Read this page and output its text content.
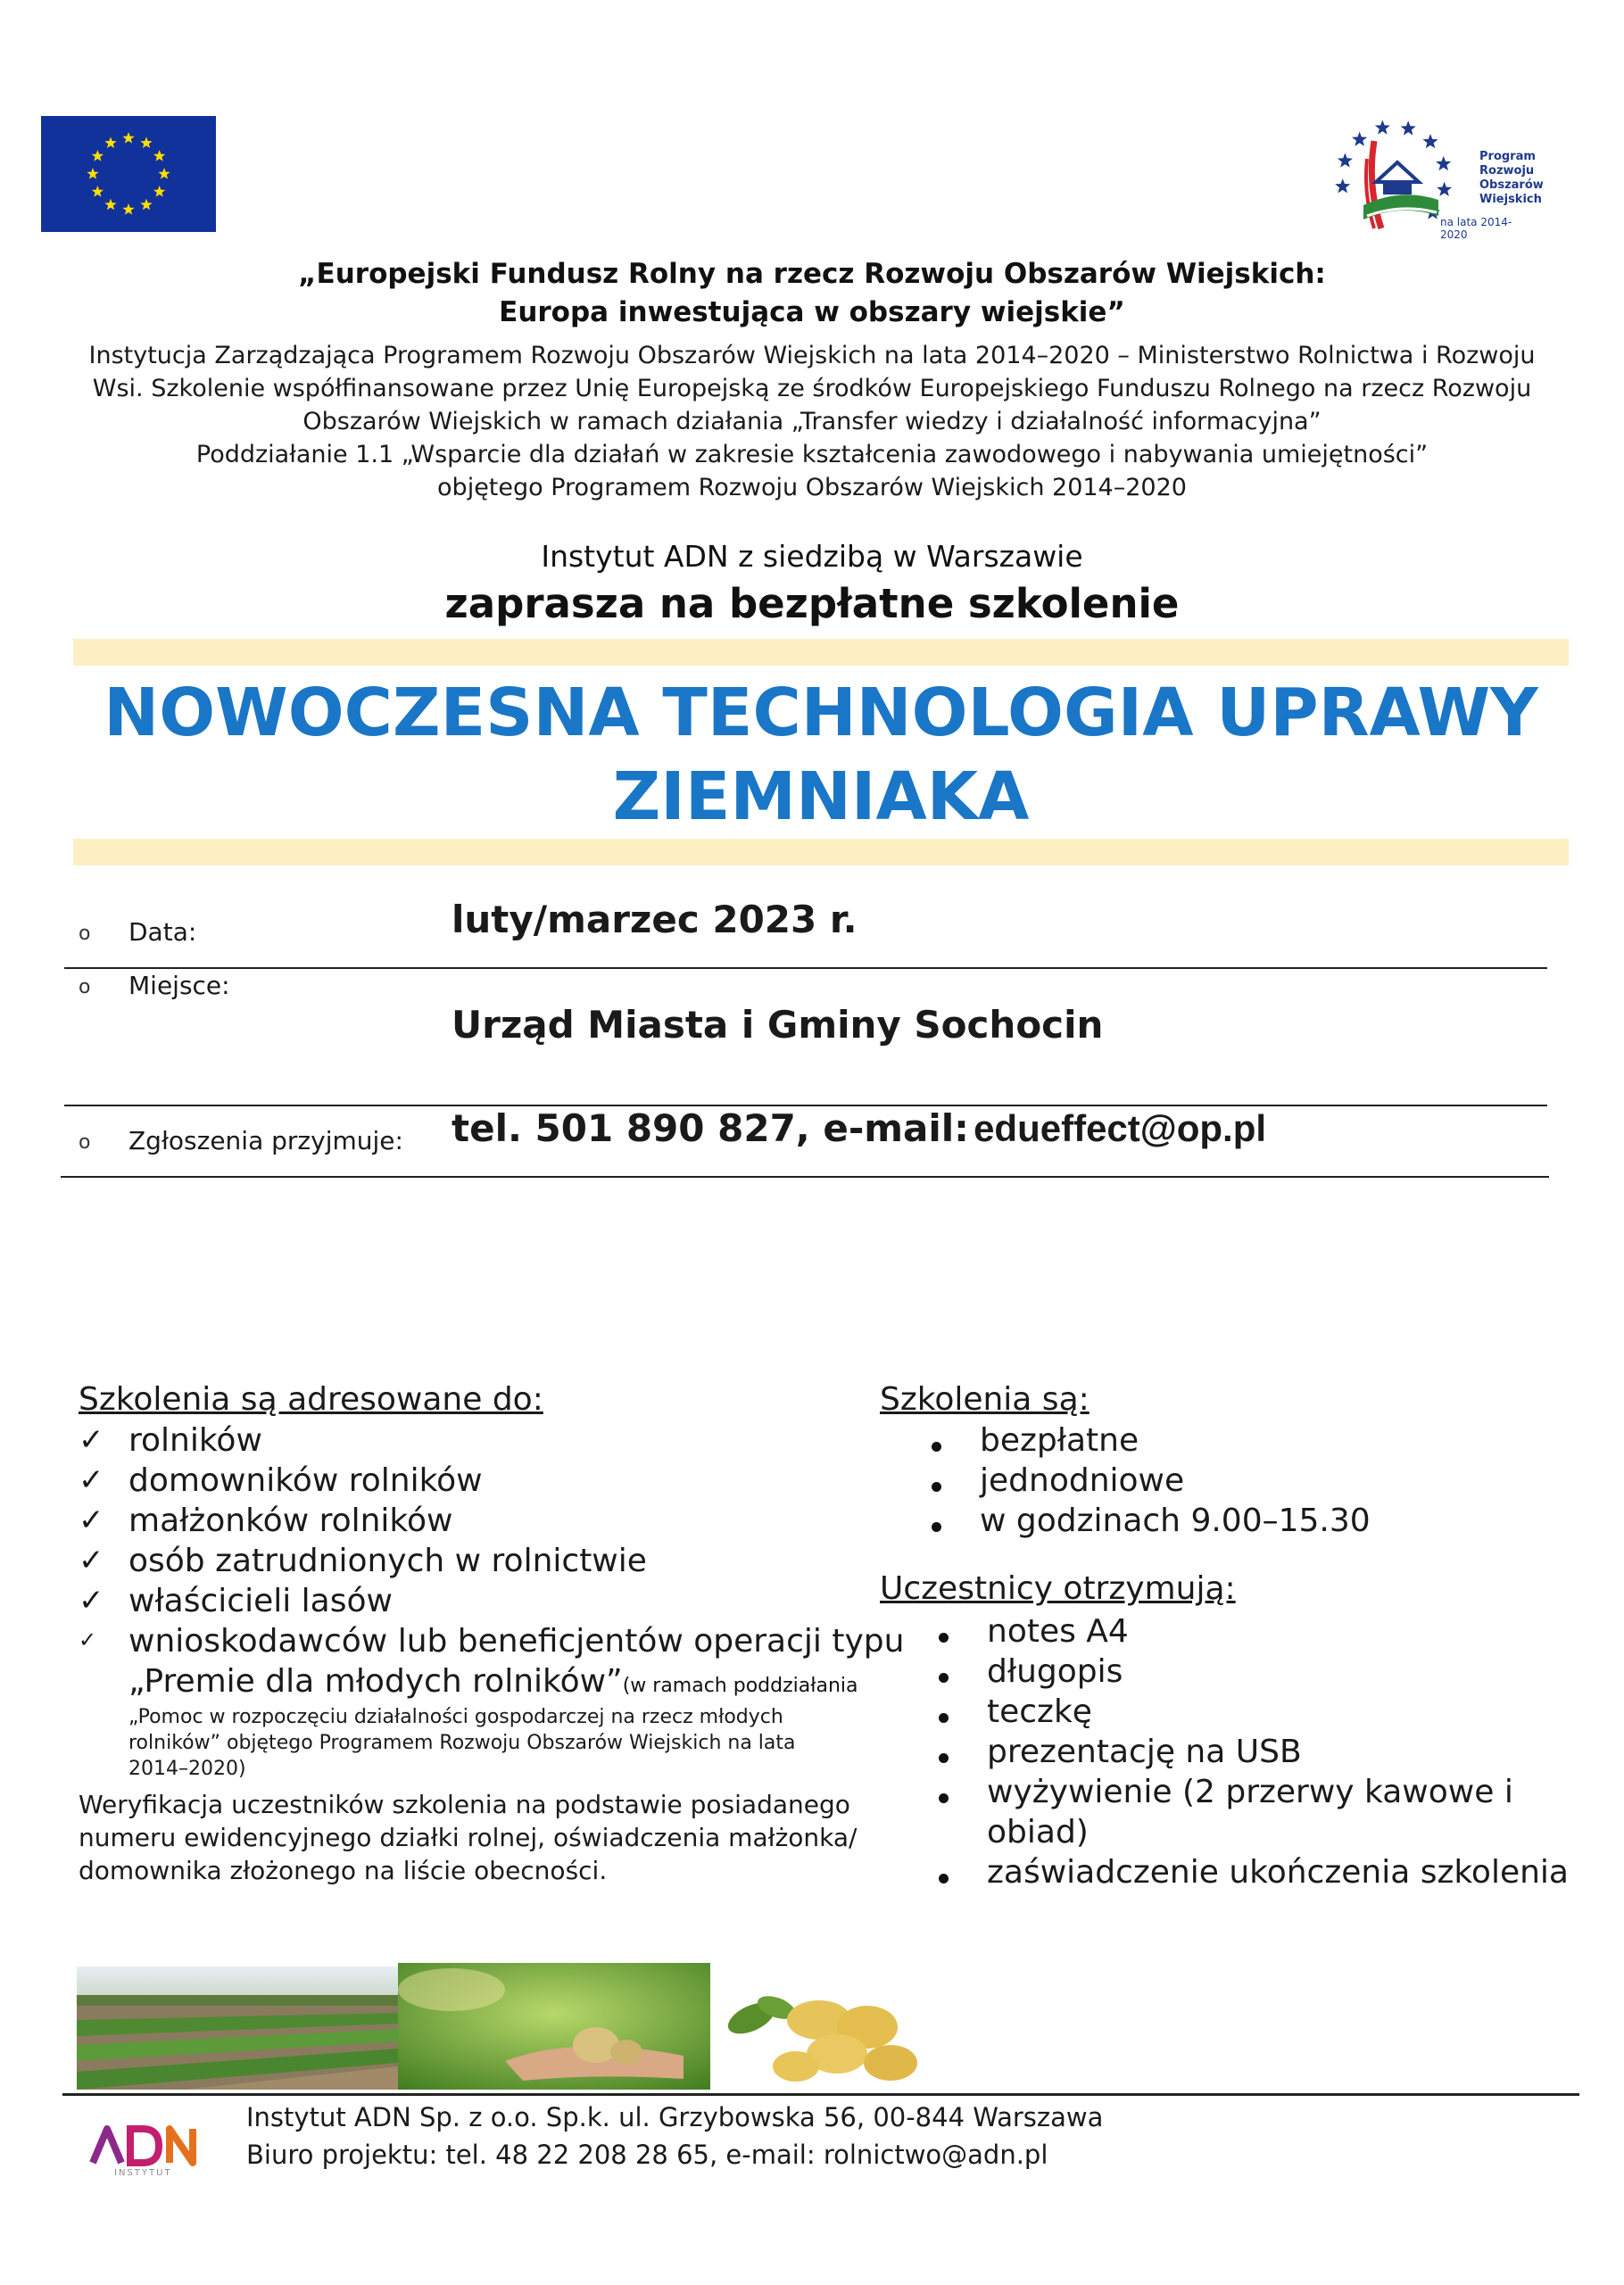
Program
Rozwoju
Obszarów
Wiejskich
na lata 2014-2020
„Europejski Fundusz Rolny na rzecz Rozwoju Obszarów Wiejskich:
Europa inwestująca w obszary wiejskie”
Instytucja Zarządzająca Programem Rozwoju Obszarów Wiejskich na lata 2014–2020 – Ministerstwo Rolnictwa i Rozwoju
Wsi. Szkolenie współfinansowane przez Unię Europejską ze środków Europejskiego Funduszu Rolnego na rzecz Rozwoju
Obszarów Wiejskich w ramach działania „Transfer wiedzy i działalność informacyjna”
Poddziałanie 1.1 „Wsparcie dla działań w zakresie kształcenia zawodowego i nabywania umiejętności”
objętego Programem Rozwoju Obszarów Wiejskich 2014–2020
Instytut ADN z siedzibą w Warszawie
zaprasza na bezpłatne szkolenie
NOWOCZESNA TECHNOLOGIA UPRAWY
ZIEMNIAKA
o Data:	luty/marzec 2023 r.
o Miejsce:
Urząd Miasta i Gminy Sochocin
o Zgłoszenia przyjmuje: tel. 501 890 827, e-mail: edueffect@op.pl
Szkolenia są adresowane do:
✓ rolników
✓ domowników rolników
✓ małżonków rolników
✓ osób zatrudnionych w rolnictwie
✓ właścicieli lasów
✓ wnioskodawców lub beneficjentów operacji typu
„Premie dla młodych rolników”(w ramach poddziałania
„Pomoc w rozpoczęciu działalności gospodarczej na rzecz młodych
rolników” objętego Programem Rozwoju Obszarów Wiejskich na lata
2014–2020)
Weryfikacja uczestników szkolenia na podstawie posiadanego
numeru ewidencyjnego działki rolnej, oświadczenia małżonka/
domownika złożonego na liście obecności.
Szkolenia są:
bezpłatne
jednodniowe
w godzinach 9.00–15.30
Uczestnicy otrzymują:
notes A4
długopis
teczkę
prezentację na USB
wyżywienie (2 przerwy kawowe i
obiad)
zaświadczenie ukończenia szkolenia
INSTYTUT
Instytut ADN Sp. z o.o. Sp.k. ul. Grzybowska 56, 00-844 Warszawa
Biuro projektu: tel. 48 22 208 28 65, e-mail: rolnictwo@adn.pl
